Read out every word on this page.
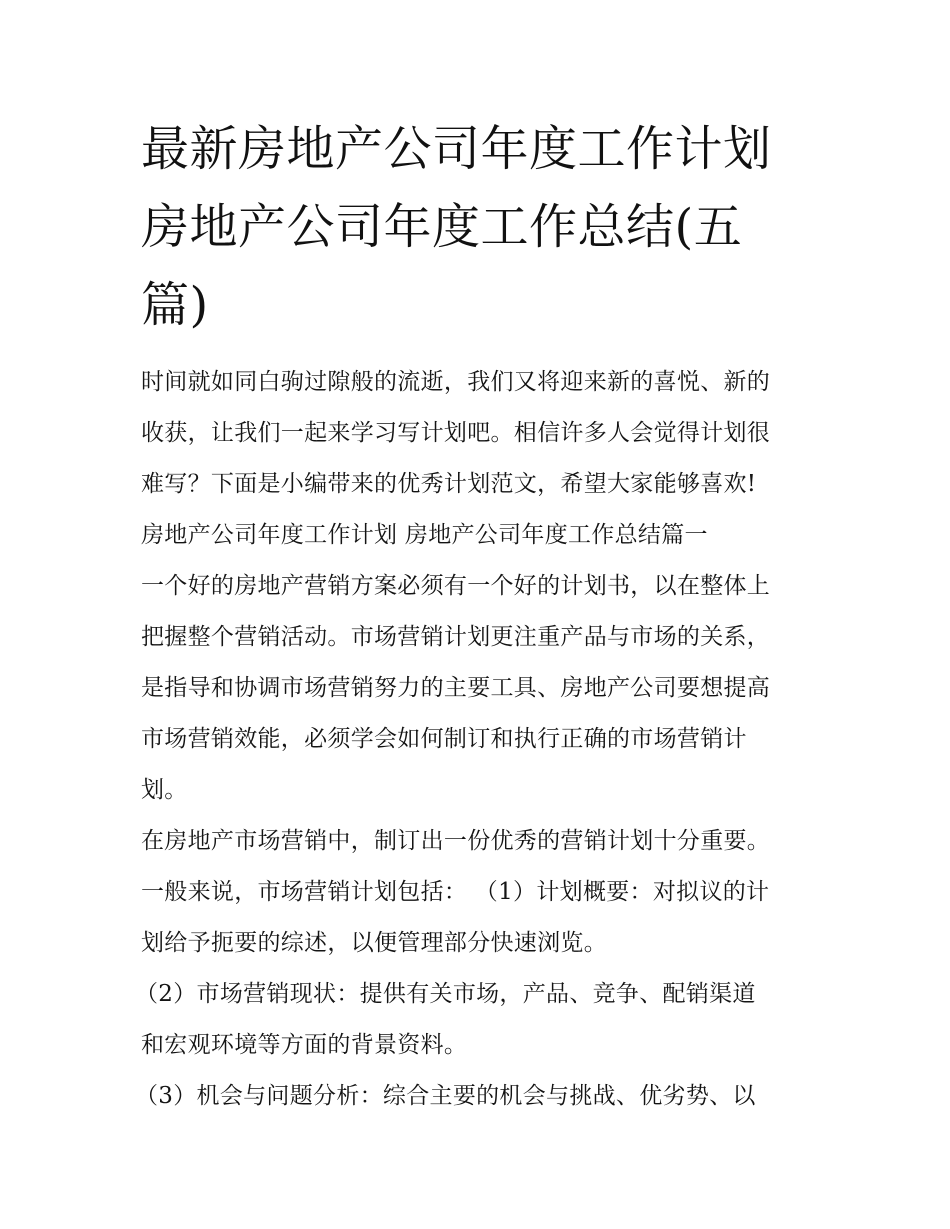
最新房地产公司年度工作计划
房地产公司年度工作总结(五
篇)
时间就如同白驹过隙般的流逝，我们又将迎来新的喜悦、新的
收获，让我们一起来学习写计划吧。相信许多人会觉得计划很
难写？下面是小编带来的优秀计划范文，希望大家能够喜欢!
房地产公司年度工作计划 房地产公司年度工作总结篇一
一个好的房地产营销方案必须有一个好的计划书，以在整体上
把握整个营销活动。市场营销计划更注重产品与市场的关系，
是指导和协调市场营销努力的主要工具、房地产公司要想提高
市场营销效能，必须学会如何制订和执行正确的市场营销计
划。
在房地产市场营销中，制订出一份优秀的营销计划十分重要。
一般来说，市场营销计划包括： （1）计划概要：对拟议的计
划给予扼要的综述，以便管理部分快速浏览。
（2）市场营销现状：提供有关市场，产品、竞争、配销渠道
和宏观环境等方面的背景资料。
（3）机会与问题分析：综合主要的机会与挑战、优劣势、以
